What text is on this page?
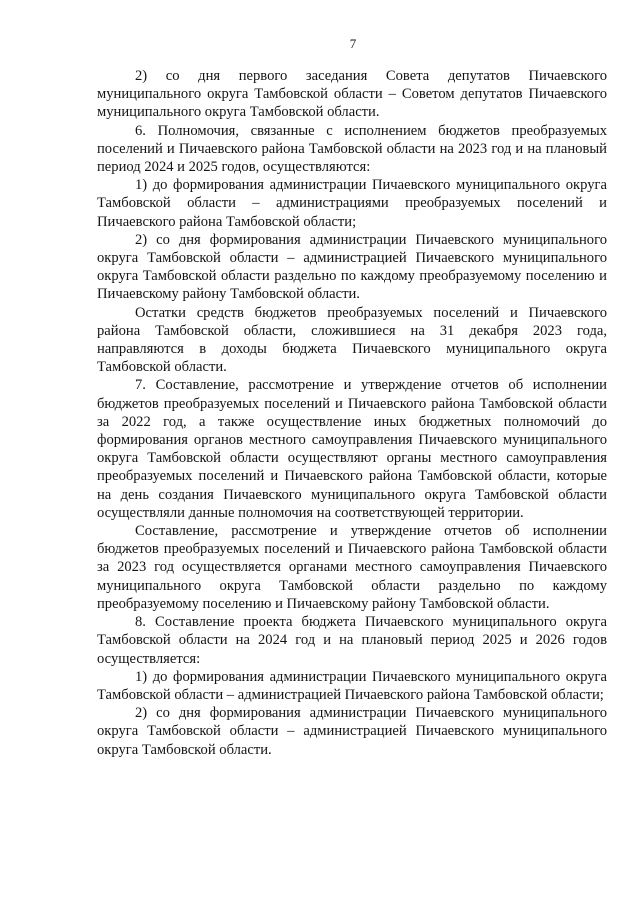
7

2) со дня первого заседания Совета депутатов Пичаевского муниципального округа Тамбовской области – Советом депутатов Пичаевского муниципального округа Тамбовской области.

6. Полномочия, связанные с исполнением бюджетов преобразуемых поселений и Пичаевского района Тамбовской области на 2023 год и на плановый период 2024 и 2025 годов, осуществляются:

1) до формирования администрации Пичаевского муниципального округа Тамбовской области – администрациями преобразуемых поселений и Пичаевского района Тамбовской области;

2) со дня формирования администрации Пичаевского муниципального округа Тамбовской области – администрацией Пичаевского муниципального округа Тамбовской области раздельно по каждому преобразуемому поселению и Пичаевскому району Тамбовской области.

Остатки средств бюджетов преобразуемых поселений и Пичаевского района Тамбовской области, сложившиеся на 31 декабря 2023 года, направляются в доходы бюджета Пичаевского муниципального округа Тамбовской области.

7. Составление, рассмотрение и утверждение отчетов об исполнении бюджетов преобразуемых поселений и Пичаевского района Тамбовской области за 2022 год, а также осуществление иных бюджетных полномочий до формирования органов местного самоуправления Пичаевского муниципального округа Тамбовской области осуществляют органы местного самоуправления преобразуемых поселений и Пичаевского района Тамбовской области, которые на день создания Пичаевского муниципального округа Тамбовской области осуществляли данные полномочия на соответствующей территории.

Составление, рассмотрение и утверждение отчетов об исполнении бюджетов преобразуемых поселений и Пичаевского района Тамбовской области за 2023 год осуществляется органами местного самоуправления Пичаевского муниципального округа Тамбовской области раздельно по каждому преобразуемому поселению и Пичаевскому району Тамбовской области.

8. Составление проекта бюджета Пичаевского муниципального округа Тамбовской области на 2024 год и на плановый период 2025 и 2026 годов осуществляется:

1) до формирования администрации Пичаевского муниципального округа Тамбовской области – администрацией Пичаевского района Тамбовской области;

2) со дня формирования администрации Пичаевского муниципального округа Тамбовской области – администрацией Пичаевского муниципального округа Тамбовской области.
